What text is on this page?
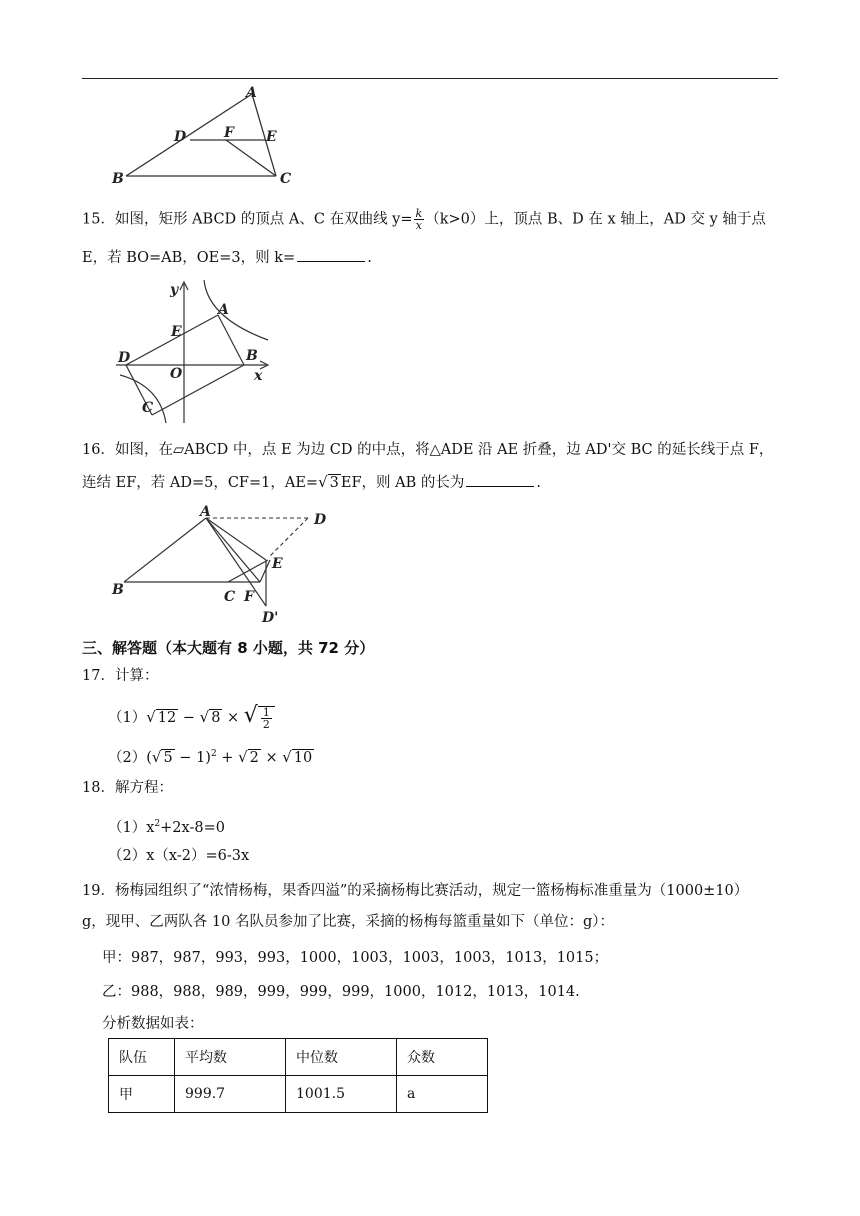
A
D	F E
B	C
15．如图，矩形 ABCD 的顶点 A、C 在双曲线 $y= \frac{k}{x} (k>0)$上，顶点 B、D 在 x 轴上，AD 交 y 轴于点
E，若 BO=AB，OE=3，则 k=	.
y
A
E
D	B
O	x
C
16．如图，在▱ABCD 中，点 E 为边 CD 的中点，将△ADE 沿 AE 折叠，边 AD'交 BC 的延长线于点 F，
连结 EF，若 AD=5，CF=1，AE=√ 3 EF，则 AB 的长为	.
A	D
E
B	C F
D'
三、解答题（本大题有 8 小题，共 72 分）
17．计算：
（1）√ 12 − √ 8 × √ $\frac{1}{2}$
（2）(√ 5 − 1)$^2$ + √ 2 × √ 10
18．解方程：
$(1)x^2+2x-8=0$
（2）x（x-2）=6-3x
19．杨梅园组织了“浓情杨梅，果香四溢”的采摘杨梅比赛活动，规定一篮杨梅标准重量为（1000±10）
g，现甲、乙两队各 10 名队员参加了比赛，采摘的杨梅每篮重量如下（单位：g）：
甲：987，987，993，993，1000，1003，1003，1003，1013，1015；
乙：988，988，989，999，999，999，1000，1012，1013，1014.
分析数据如表：
队伍	平均数	中位数	众数
甲	999.7	1001.5	a
